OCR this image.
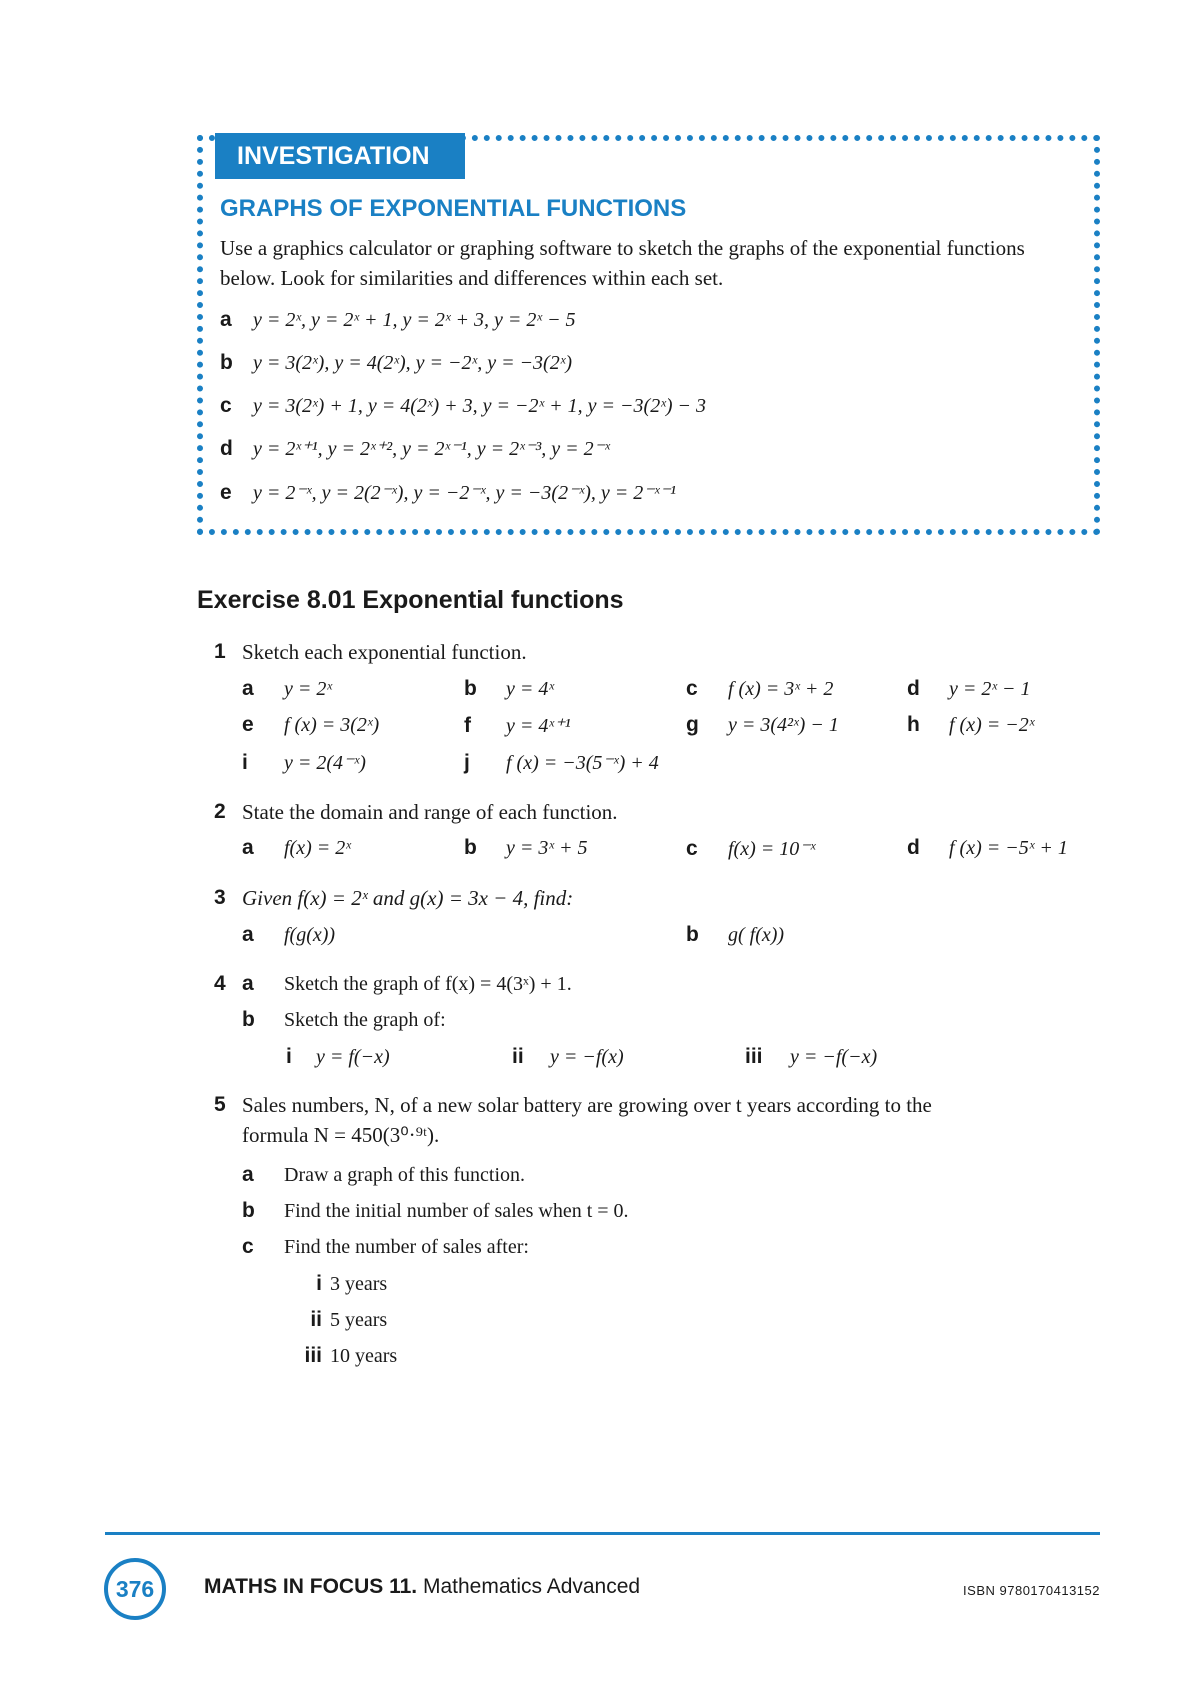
INVESTIGATION
GRAPHS OF EXPONENTIAL FUNCTIONS
Use a graphics calculator or graphing software to sketch the graphs of the exponential functions below. Look for similarities and differences within each set.
a y = 2ˣ, y = 2ˣ + 1, y = 2ˣ + 3, y = 2ˣ − 5
b y = 3(2ˣ), y = 4(2ˣ), y = −2ˣ, y = −3(2ˣ)
c y = 3(2ˣ) + 1, y = 4(2ˣ) + 3, y = −2ˣ + 1, y = −3(2ˣ) − 3
d y = 2ˣ⁺¹, y = 2ˣ⁺², y = 2ˣ⁻¹, y = 2ˣ⁻³, y = 2⁻ˣ
e y = 2⁻ˣ, y = 2(2⁻ˣ), y = −2⁻ˣ, y = −3(2⁻ˣ), y = 2⁻ˣ⁻¹
Exercise 8.01 Exponential functions
1 Sketch each exponential function.
a y = 2ˣ	b y = 4ˣ	c f (x) = 3ˣ + 2	d y = 2ˣ − 1
e f (x) = 3(2ˣ)	f y = 4ˣ⁺¹	g y = 3(4²ˣ) − 1	h f (x) = −2ˣ
i y = 2(4⁻ˣ)	j f (x) = −3(5⁻ˣ) + 4
2 State the domain and range of each function.
a f(x) = 2ˣ	b y = 3ˣ + 5	c f(x) = 10⁻ˣ	d f (x) = −5ˣ + 1
3 Given f(x) = 2ˣ and g(x) = 3x − 4, find:
a f(g(x))	b g( f(x))
4 a Sketch the graph of f(x) = 4(3ˣ) + 1.
b Sketch the graph of:
i y = f(−x)	ii y = −f(x)	iii y = −f(−x)
5 Sales numbers, N, of a new solar battery are growing over t years according to the
formula N = 450(3⁰·⁹ᵗ).
a Draw a graph of this function.
b Find the initial number of sales when t = 0.
c Find the number of sales after:
i 3 years
ii 5 years
iii 10 years
376	MATHS IN FOCUS 11. Mathematics Advanced	ISBN 9780170413152
